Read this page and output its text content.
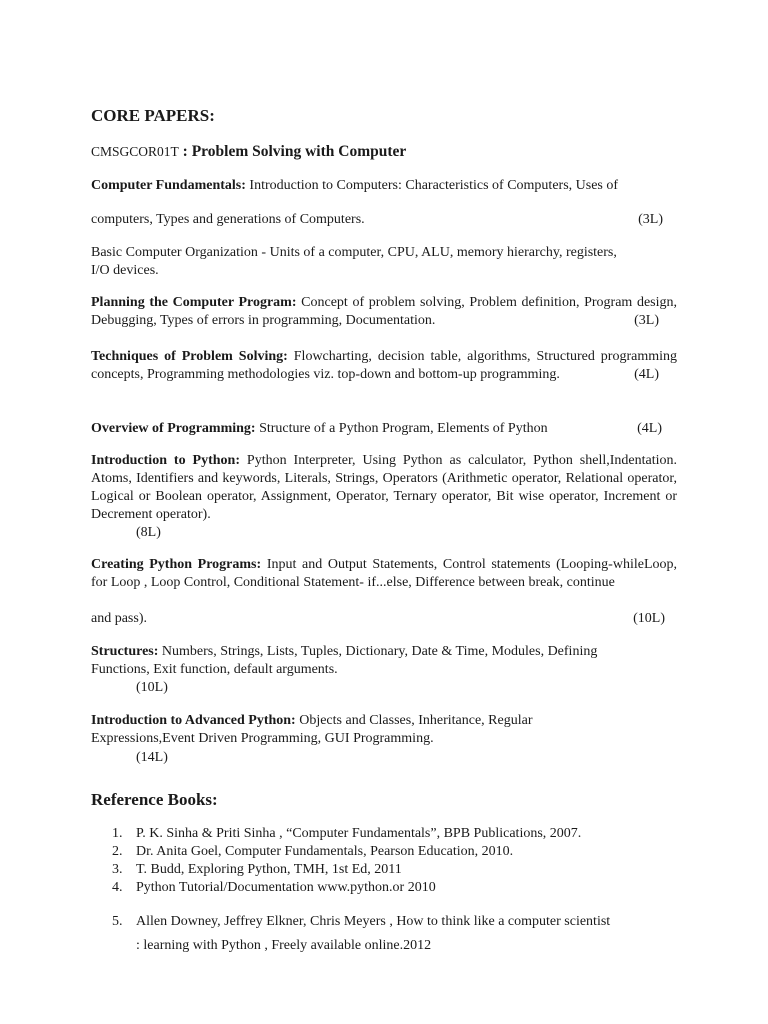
CORE PAPERS:
CMSGCOR01T : Problem Solving with Computer
Computer Fundamentals: Introduction to Computers: Characteristics of Computers, Uses of
computers, Types and generations of Computers.	(3L)
Basic Computer Organization - Units of a computer, CPU, ALU, memory hierarchy, registers,
I/O devices.
Planning the Computer Program: Concept of problem solving, Problem definition, Program design, Debugging, Types of errors in programming, Documentation.	(3L)
Techniques of Problem Solving: Flowcharting, decision table, algorithms, Structured programming concepts, Programming methodologies viz. top-down and bottom-up programming.	(4L)
Overview of Programming: Structure of a Python Program, Elements of Python	(4L)
Introduction to Python: Python Interpreter, Using Python as calculator, Python shell,Indentation. Atoms, Identifiers and keywords, Literals, Strings, Operators (Arithmetic operator, Relational operator, Logical or Boolean operator, Assignment, Operator, Ternary operator, Bit wise operator, Increment or Decrement operator).
(8L)
Creating Python Programs: Input and Output Statements, Control statements (Looping-whileLoop, for Loop , Loop Control, Conditional Statement- if...else, Difference between break, continue
and pass).	(10L)
Structures: Numbers, Strings, Lists, Tuples, Dictionary, Date & Time, Modules, Defining Functions, Exit function, default arguments.
(10L)
Introduction to Advanced Python: Objects and Classes, Inheritance, Regular Expressions,Event Driven Programming, GUI Programming.
(14L)
Reference Books:
1. P. K. Sinha & Priti Sinha , “Computer Fundamentals”, BPB Publications, 2007.
2. Dr. Anita Goel, Computer Fundamentals, Pearson Education, 2010.
3. T. Budd, Exploring Python, TMH, 1st Ed, 2011
4. Python Tutorial/Documentation www.python.or 2010
5. Allen Downey, Jeffrey Elkner, Chris Meyers , How to think like a computer scientist
: learning with Python , Freely available online.2012
